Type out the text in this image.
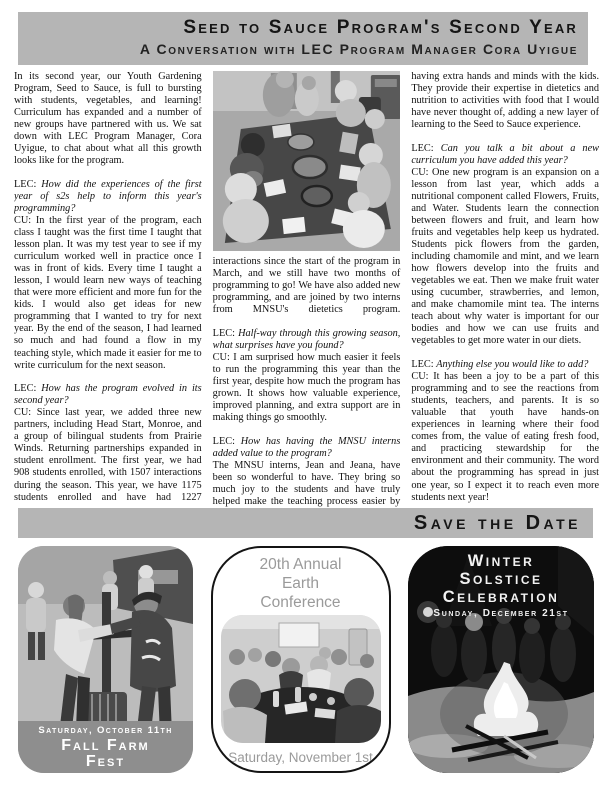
Seed to Sauce Program's Second Year
A Conversation with LEC Program Manager Cora Uyigue

In its second year, our Youth Gardening Program, Seed to Sauce, is full to bursting with students, vegetables, and learning! Curriculum has expanded and a number of new groups have partnered with us. We sat down with LEC Program Manager, Cora Uyigue, to chat about what all this growth looks like for the program.

LEC: How did the experiences of the first year of s2s help to inform this year's programming?

CU: In the first year of the program, each class I taught was the first time I taught that lesson plan. It was my test year to see if my curriculum worked well in practice once I was in front of kids. Every time I taught a lesson, I would learn new ways of teaching that were more efficient and more fun for the kids. I would also get ideas for new programming that I wanted to try for next year. By the end of the season, I had learned so much and had found a flow in my teaching style, which made it easier for me to write curriculum for the next season.

LEC: How has the program evolved in its second year?

CU: Since last year, we added three new partners, including Head Start, Monroe, and a group of bilingual students from Prairie Winds. Returning partnerships expanded in student enrollment. The first year, we had 908 students enrolled, with 1507 interactions during the season. This year, we have 1175 students enrolled and have had 1227

interactions since the start of the program in March, and we still have two months of programming to go! We have also added new programming, and are joined by two interns from MNSU's dietetics program.

LEC: Half-way through this growing season, what surprises have you found?

CU: I am surprised how much easier it feels to run the programming this year than the first year, despite how much the program has grown. It shows how valuable experience, improved planning, and extra support are in making things go smoothly.

LEC: How has having the MNSU interns added value to the program?

The MNSU interns, Jean and Jeana, have been so wonderful to have. They bring so much joy to the students and have truly helped make the teaching process easier by

having extra hands and minds with the kids. They provide their expertise in dietetics and nutrition to activities with food that I would have never thought of, adding a new layer of learning to the Seed to Sauce experience.

LEC: Can you talk a bit about a new curriculum you have added this year?

CU: One new program is an expansion on a lesson from last year, which adds a nutritional component called Flowers, Fruits, and Water. Students learn the connection between flowers and fruit, and learn how fruits and vegetables help keep us hydrated. Students pick flowers from the garden, including chamomile and mint, and we learn how flowers develop into the fruits and vegetables we eat. Then we make fruit water using cucumber, strawberries, and lemon, and make chamomile mint tea. The interns teach about why water is important for our bodies and how we can use fruits and vegetables to get more water in our diets.

LEC: Anything else you would like to add?

CU: It has been a joy to be a part of this programming and to see the reactions from students, teachers, and parents. It is so valuable that youth have hands-on experiences in learning where their food comes from, the value of eating fresh food, and practicing stewardship for the environment and their community. The word about the programming has spread in just one year, so I expect it to reach even more students next year!

Save the Date
Saturday, October 11th
Fall Farm Fest
20th Annual Earth Conference
Saturday, November 1st
Winter Solstice Celebration
Sunday, December 21st
